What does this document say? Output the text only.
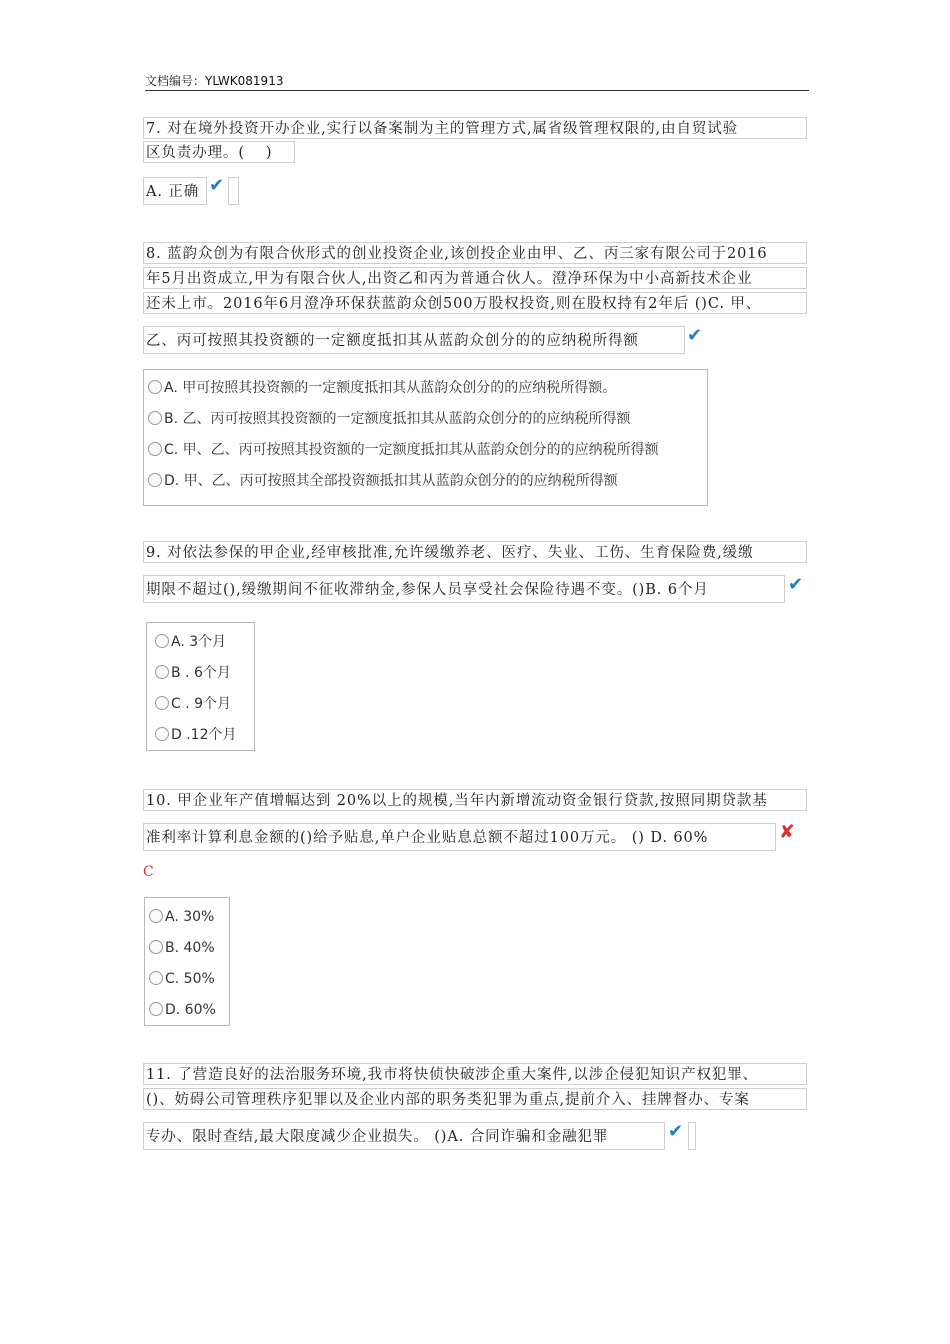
文档编号：YLWK081913
7. 对在境外投资开办企业,实行以备案制为主的管理方式,属省级管理权限的,由自贸试验
区负责办理。(　 )
A. 正确 ✔
8. 蓝韵众创为有限合伙形式的创业投资企业,该创投企业由甲、乙、丙三家有限公司于2016
年5月出资成立,甲为有限合伙人,出资乙和丙为普通合伙人。澄净环保为中小高新技术企业
还未上市。2016年6月澄净环保获蓝韵众创500万股权投资,则在股权持有2年后 ()C. 甲、
乙、丙可按照其投资额的一定额度抵扣其从蓝韵众创分的的应纳税所得额	✔
A. 甲可按照其投资额的一定额度抵扣其从蓝韵众创分的的应纳税所得额。
B. 乙、丙可按照其投资额的一定额度抵扣其从蓝韵众创分的的应纳税所得额
C. 甲、乙、丙可按照其投资额的一定额度抵扣其从蓝韵众创分的的应纳税所得额
D. 甲、乙、丙可按照其全部投资额抵扣其从蓝韵众创分的的应纳税所得额
9. 对依法参保的甲企业,经审核批准,允许缓缴养老、医疗、失业、工伤、生育保险费,缓缴
期限不超过(),缓缴期间不征收滞纳金,参保人员享受社会保险待遇不变。()B. 6个月	✔
A. 3个月
B . 6个月
C . 9个月
D .12个月
10. 甲企业年产值增幅达到 20%以上的规模,当年内新增流动资金银行贷款,按照同期贷款基
准利率计算利息金额的()给予贴息,单户企业贴息总额不超过100万元。 () D. 60%	✘
C
A. 30%
B. 40%
C. 50%
D. 60%
11. 了营造良好的法治服务环境,我市将快侦快破涉企重大案件,以涉企侵犯知识产权犯罪、
()、妨碍公司管理秩序犯罪以及企业内部的职务类犯罪为重点,提前介入、挂牌督办、专案
专办、限时查结,最大限度减少企业损失。 ()A. 合同诈骗和金融犯罪	✔
